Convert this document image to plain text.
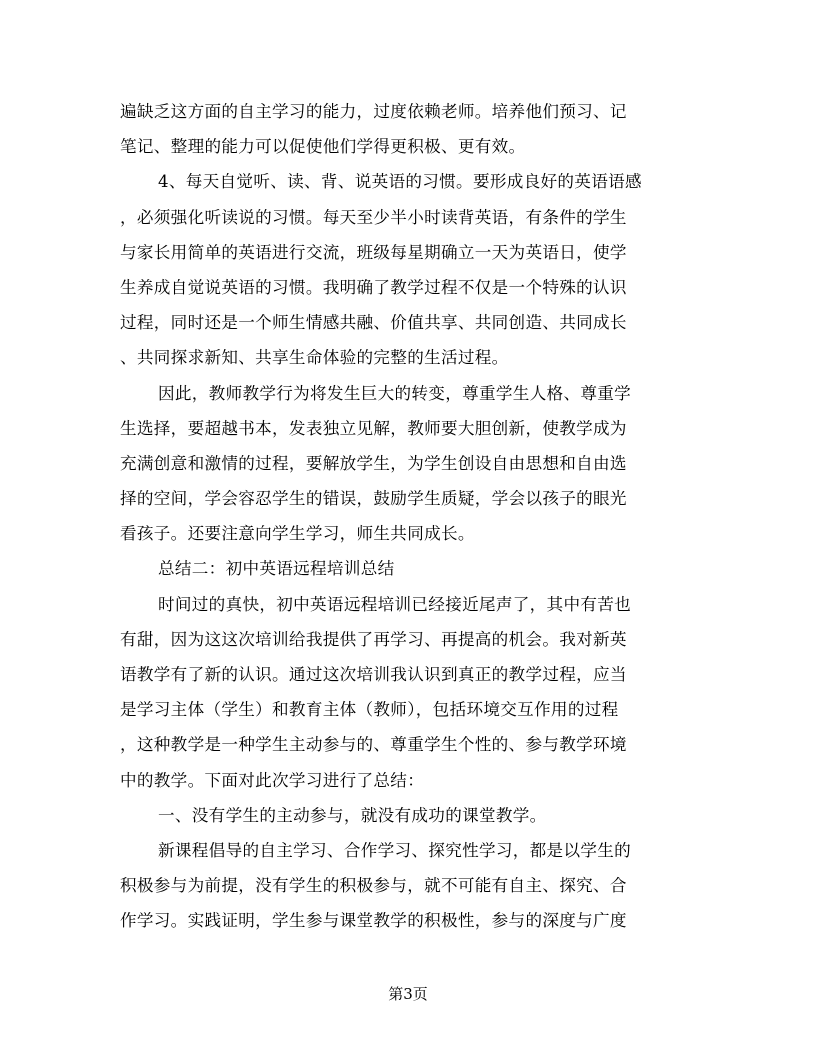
遍缺乏这方面的自主学习的能力，过度依赖老师。培养他们预习、记
笔记、整理的能力可以促使他们学得更积极、更有效。
4、每天自觉听、读、背、说英语的习惯。要形成良好的英语语感
，必须强化听读说的习惯。每天至少半小时读背英语，有条件的学生
与家长用简单的英语进行交流，班级每星期确立一天为英语日，使学
生养成自觉说英语的习惯。我明确了教学过程不仅是一个特殊的认识
过程，同时还是一个师生情感共融、价值共享、共同创造、共同成长
、共同探求新知、共享生命体验的完整的生活过程。
因此，教师教学行为将发生巨大的转变，尊重学生人格、尊重学
生选择，要超越书本，发表独立见解，教师要大胆创新，使教学成为
充满创意和激情的过程，要解放学生，为学生创设自由思想和自由选
择的空间，学会容忍学生的错误，鼓励学生质疑，学会以孩子的眼光
看孩子。还要注意向学生学习，师生共同成长。
总结二：初中英语远程培训总结
时间过的真快，初中英语远程培训已经接近尾声了，其中有苦也
有甜，因为这这次培训给我提供了再学习、再提高的机会。我对新英
语教学有了新的认识。通过这次培训我认识到真正的教学过程，应当
是学习主体（学生）和教育主体（教师），包括环境交互作用的过程
，这种教学是一种学生主动参与的、尊重学生个性的、参与教学环境
中的教学。下面对此次学习进行了总结：
一、没有学生的主动参与，就没有成功的课堂教学。
新课程倡导的自主学习、合作学习、探究性学习，都是以学生的
积极参与为前提，没有学生的积极参与，就不可能有自主、探究、合
作学习。实践证明，学生参与课堂教学的积极性，参与的深度与广度
第3页
